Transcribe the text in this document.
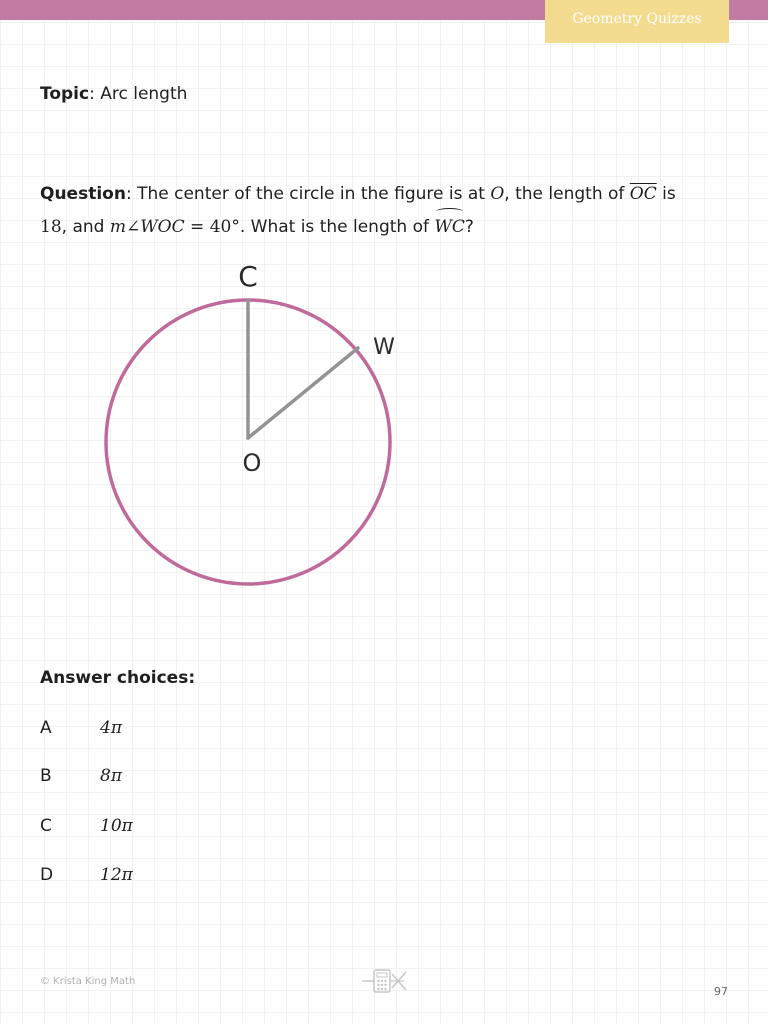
Geometry Quizzes
Topic: Arc length
Question: The center of the circle in the figure is at O, the length of $\overline{OC}$ is
18, and m∠WOC = 40°. What is the length of WC?
C
W
O
Answer choices:
A	4π
B	8π
C	10π
D	12π
© Krista King Math
97
